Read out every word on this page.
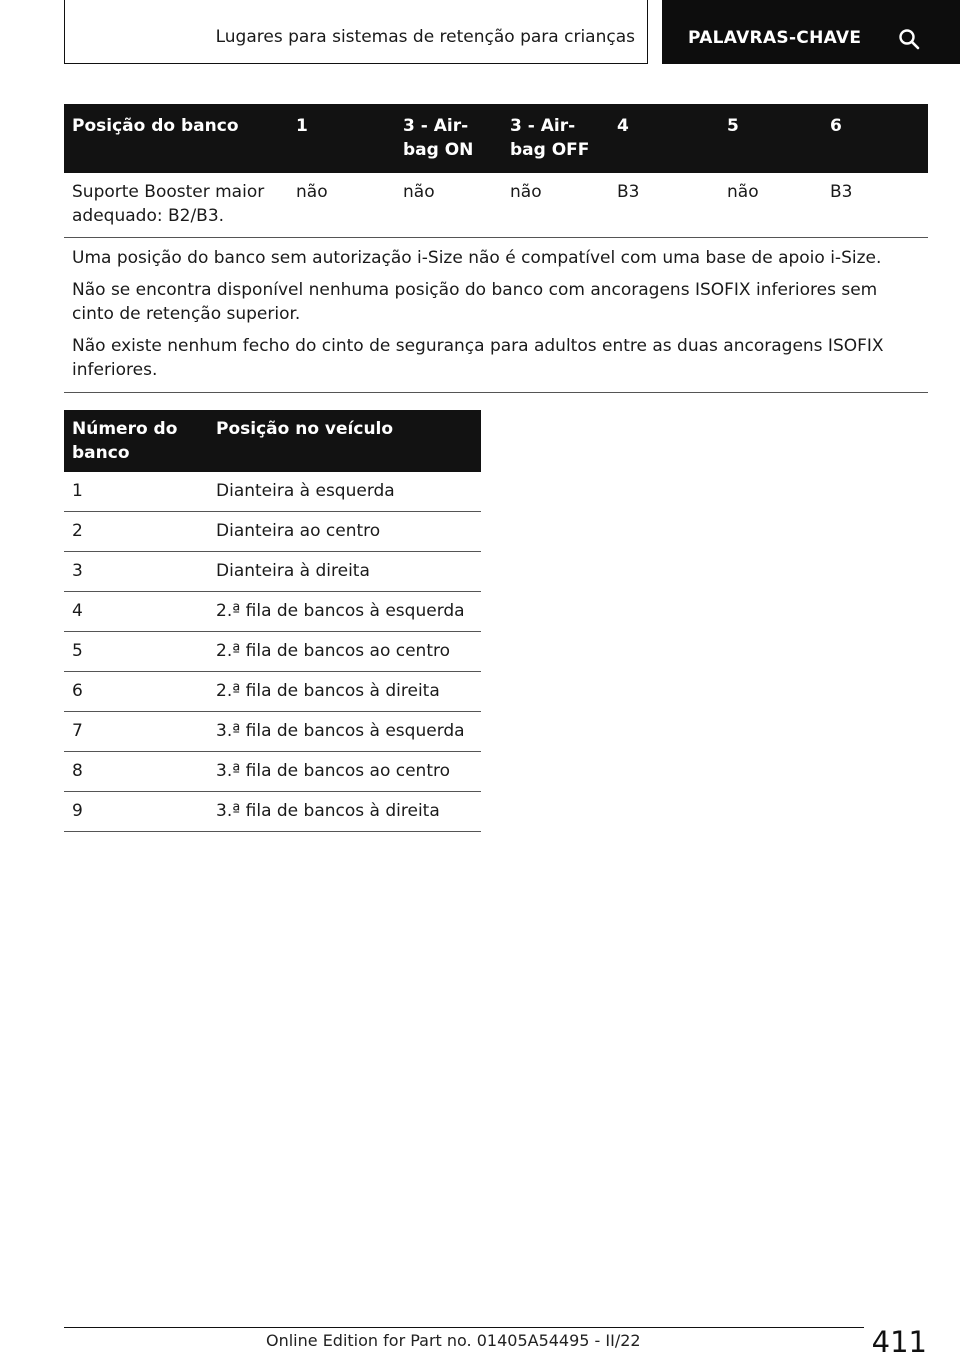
Lugares para sistemas de retenção para crianças	PALAVRAS-CHAVE
Posição do banco	1	3 - Air-bag ON	3 - Air-bag OFF	4	5	6
Suporte Booster maior adequado: B2/B3.	não	não	não	B3	não	B3
Uma posição do banco sem autorização i-Size não é compatível com uma base de apoio i-Size.						
Não se encontra disponível nenhuma posição do banco com ancoragens ISOFIX inferiores sem cinto de retenção superior.						
Não existe nenhum fecho do cinto de segurança para adultos entre as duas ancoragens ISOFIX inferiores.						
Número do banco	Posição no veículo
1	Dianteira à esquerda
2	Dianteira ao centro
3	Dianteira à direita
4	2.ª fila de bancos à esquerda
5	2.ª fila de bancos ao centro
6	2.ª fila de bancos à direita
7	3.ª fila de bancos à esquerda
8	3.ª fila de bancos ao centro
9	3.ª fila de bancos à direita
411
Online Edition for Part no. 01405A54495 - II/22
